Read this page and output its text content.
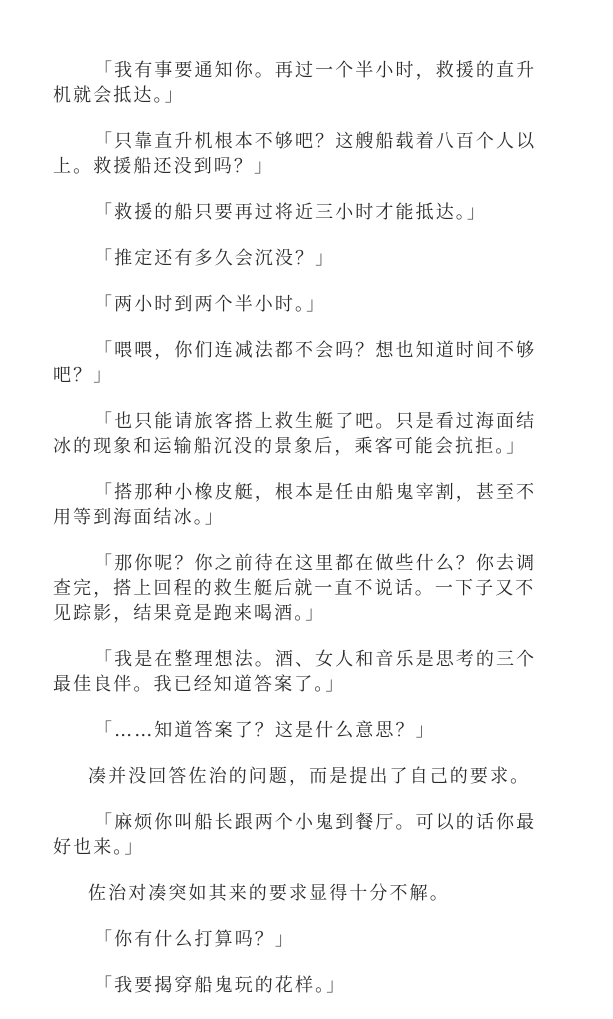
「我有事要通知你。再过一个半小时，救援的直升机就会抵达。」

「只靠直升机根本不够吧？这艘船载着八百个人以上。救援船还没到吗？」

「救援的船只要再过将近三小时才能抵达。」

「推定还有多久会沉没？」

「两小时到两个半小时。」

「喂喂，你们连减法都不会吗？想也知道时间不够吧？」

「也只能请旅客搭上救生艇了吧。只是看过海面结冰的现象和运输船沉没的景象后，乘客可能会抗拒。」

「搭那种小橡皮艇，根本是任由船鬼宰割，甚至不用等到海面结冰。」

「那你呢？你之前待在这里都在做些什么？你去调查完，搭上回程的救生艇后就一直不说话。一下子又不见踪影，结果竟是跑来喝酒。」

「我是在整理想法。酒、女人和音乐是思考的三个最佳良伴。我已经知道答案了。」

「……知道答案了？这是什么意思？」

凑并没回答佐治的问题，而是提出了自己的要求。

「麻烦你叫船长跟两个小鬼到餐厅。可以的话你最好也来。」

佐治对凑突如其来的要求显得十分不解。

「你有什么打算吗？」

「我要揭穿船鬼玩的花样。」
